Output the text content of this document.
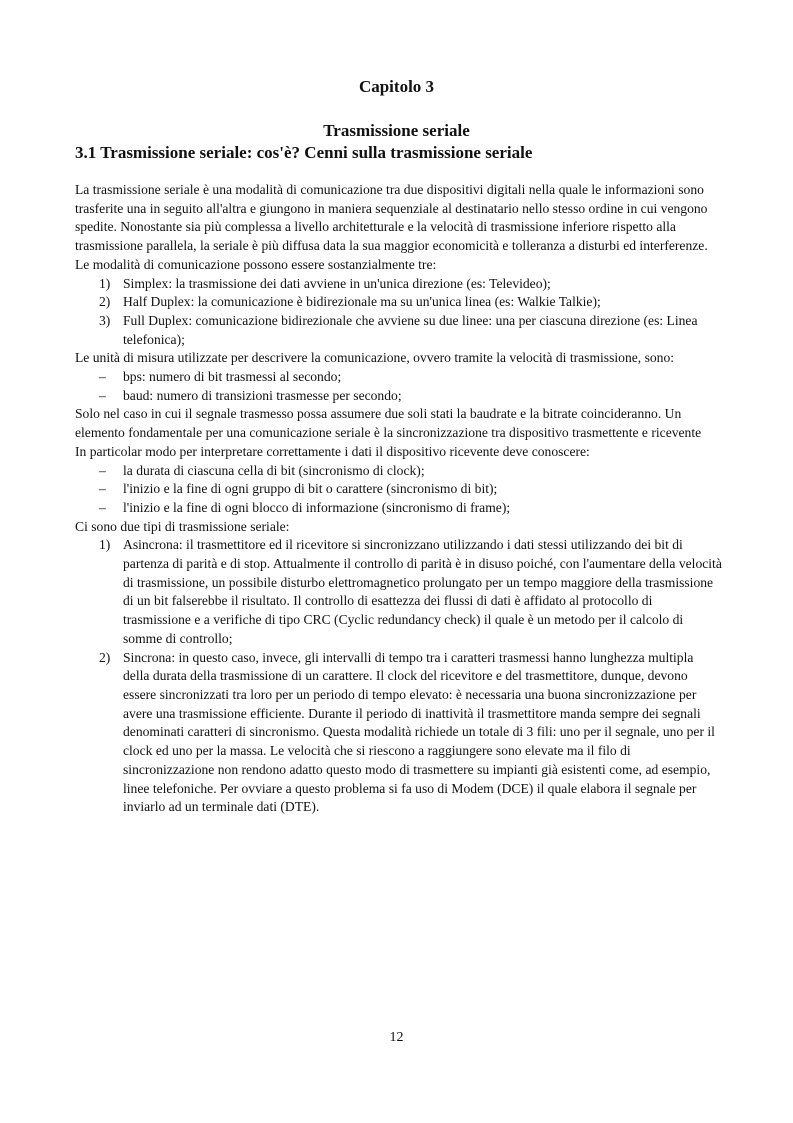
Capitolo 3
Trasmissione seriale
3.1 Trasmissione seriale: cos'è? Cenni sulla trasmissione seriale

La trasmissione seriale è una modalità di comunicazione tra due dispositivi digitali nella quale le informazioni sono trasferite una in seguito all'altra e giungono in maniera sequenziale al destinatario nello stesso ordine in cui vengono spedite. Nonostante sia più complessa a livello architetturale e la velocità di trasmissione inferiore rispetto alla trasmissione parallela, la seriale è più diffusa data la sua maggior economicità e tolleranza a disturbi ed interferenze.

Le modalità di comunicazione possono essere sostanzialmente tre:

1) Simplex: la trasmissione dei dati avviene in un'unica direzione (es: Televideo);
2) Half Duplex: la comunicazione è bidirezionale ma su un'unica linea (es: Walkie Talkie);
3) Full Duplex: comunicazione bidirezionale che avviene su due linee: una per ciascuna direzione (es: Linea telefonica);

Le unità di misura utilizzate per descrivere la comunicazione, ovvero tramite la velocità di trasmissione, sono:

– bps: numero di bit trasmessi al secondo;
– baud: numero di transizioni trasmesse per secondo;

Solo nel caso in cui il segnale trasmesso possa assumere due soli stati la baudrate e la bitrate coincideranno. Un elemento fondamentale per una comunicazione seriale è la sincronizzazione tra dispositivo trasmettente e ricevente

In particolar modo per interpretare correttamente i dati il dispositivo ricevente deve conoscere:

– la durata di ciascuna cella di bit (sincronismo di clock);
– l'inizio e la fine di ogni gruppo di bit o carattere (sincronismo di bit);
– l'inizio e la fine di ogni blocco di informazione (sincronismo di frame);

Ci sono due tipi di trasmissione seriale:

1) Asincrona: il trasmettitore ed il ricevitore si sincronizzano utilizzando i dati stessi utilizzando dei bit di partenza di parità e di stop. Attualmente il controllo di parità è in disuso poiché, con l'aumentare della velocità di trasmissione, un possibile disturbo elettromagnetico prolungato per un tempo maggiore della trasmissione di un bit falserebbe il risultato. Il controllo di esattezza dei flussi di dati è affidato al protocollo di trasmissione e a verifiche di tipo CRC (Cyclic redundancy check) il quale è un metodo per il calcolo di somme di controllo;
2) Sincrona: in questo caso, invece, gli intervalli di tempo tra i caratteri trasmessi hanno lunghezza multipla della durata della trasmissione di un carattere. Il clock del ricevitore e del trasmettitore, dunque, devono essere sincronizzati tra loro per un periodo di tempo elevato: è necessaria una buona sincronizzazione per avere una trasmissione efficiente. Durante il periodo di inattività il trasmettitore manda sempre dei segnali denominati caratteri di sincronismo. Questa modalità richiede un totale di 3 fili: uno per il segnale, uno per il clock ed uno per la massa. Le velocità che si riescono a raggiungere sono elevate ma il filo di sincronizzazione non rendono adatto questo modo di trasmettere su impianti già esistenti come, ad esempio, linee telefoniche. Per ovviare a questo problema si fa uso di Modem (DCE) il quale elabora il segnale per inviarlo ad un terminale dati (DTE).

12
